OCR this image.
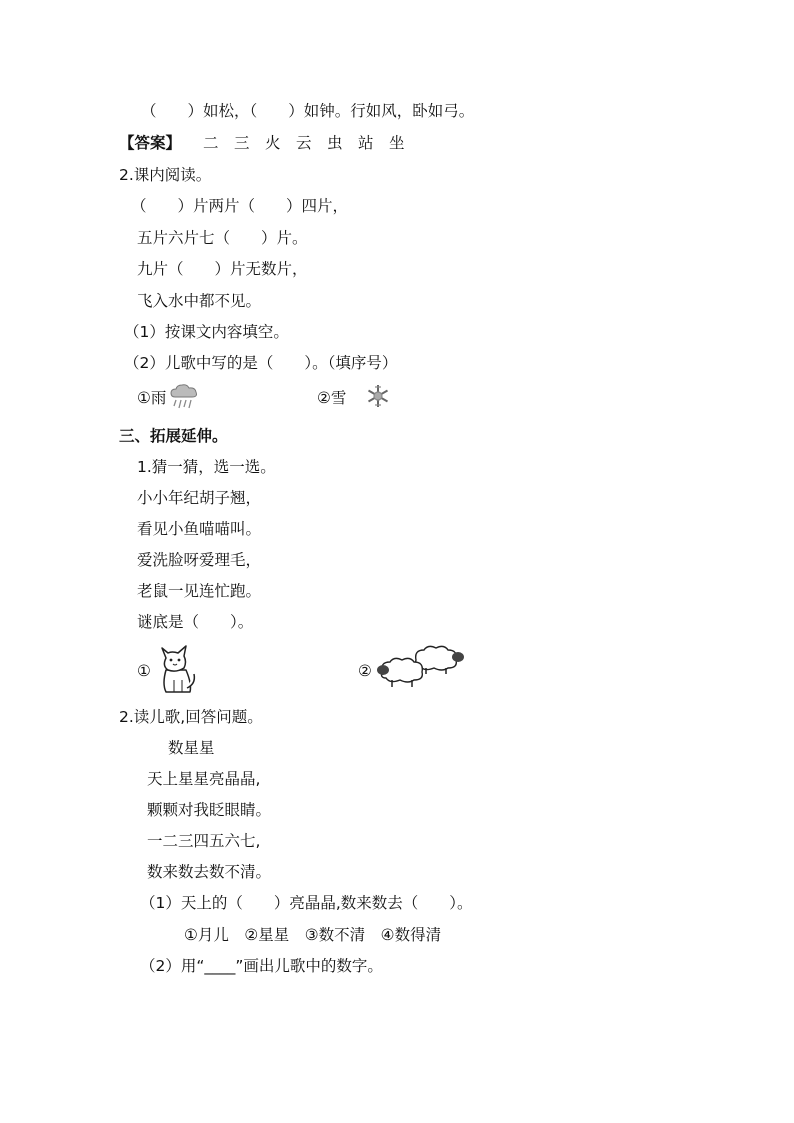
（　　）如松，（　　）如钟。行如风，卧如弓。
【答案】 二　三　火　云　虫　站　坐
2.课内阅读。
（　　）片两片（　　）四片，
五片六片七（　　）片。
九片（　　）片无数片，
飞入水中都不见。
（1）按课文内容填空。
（2）儿歌中写的是（　　）。（填序号）
①雨	②雪
三、拓展延伸。
1.猜一猜，选一选。
小小年纪胡子翘，
看见小鱼喵喵叫。
爱洗脸呀爱理毛，
老鼠一见连忙跑。
谜底是（　　）。
①	②
2.读儿歌,回答问题。
数星星
天上星星亮晶晶,
颗颗对我眨眼睛。
一二三四五六七,
数来数去数不清。
（1）天上的（　　）亮晶晶,数来数去（　　）。
①月儿　②星星　③数不清　④数得清
（2）用“____”画出儿歌中的数字。
